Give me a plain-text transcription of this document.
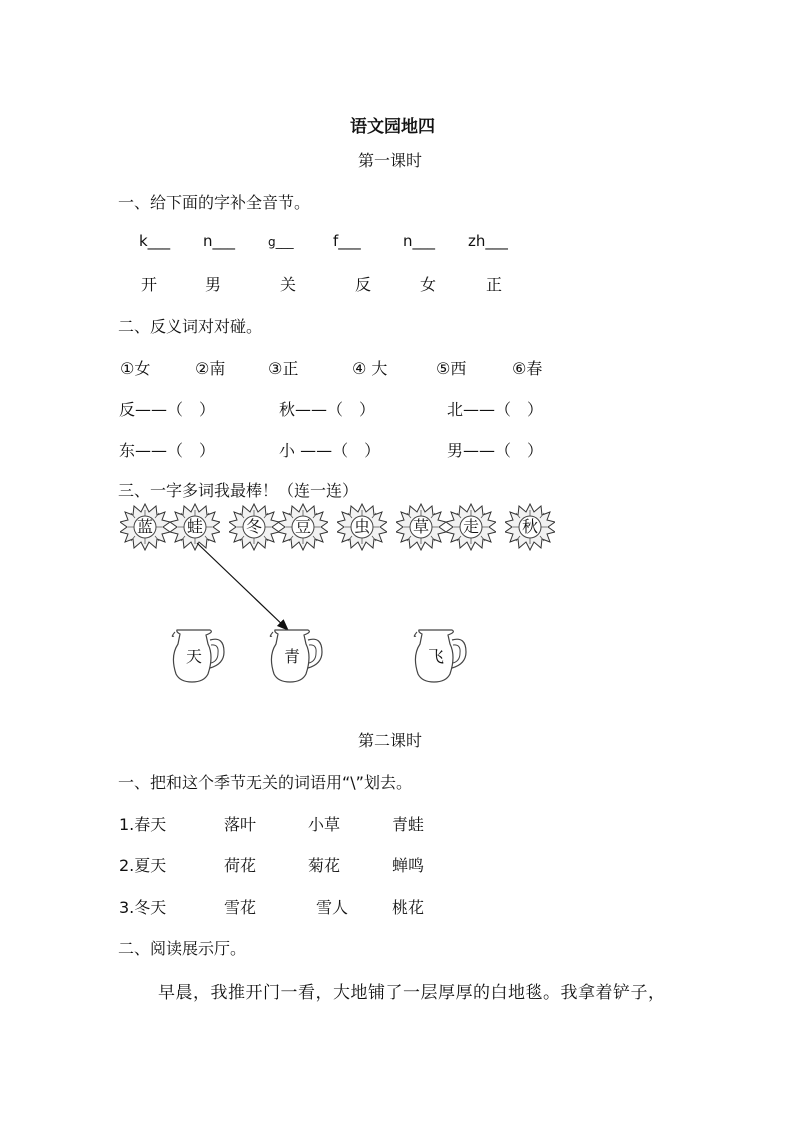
语文园地四
第一课时
一、给下面的字补全音节。
k___ n___	g___	f___	n___ zh___
开	男	关	反	女	正
二、反义词对对碰。
①女	②南	③正	④ 大	⑤西	⑥春
反——（　）	秋——（　）	北——（　）
东——（　）	小 ——（　）	男——（　）
三、一字多词我最棒！（连一连）
蓝	蛙	冬	豆	虫	草	走	秋
天	青	飞
第二课时
一、把和这个季节无关的词语用“\”划去。
1.春天	落叶	小草	青蛙
2.夏天	荷花	菊花	蝉鸣
3.冬天	雪花	雪人	桃花
二、阅读展示厅。
早晨，我推开门一看，大地铺了一层厚厚的白地毯。我拿着铲子，
